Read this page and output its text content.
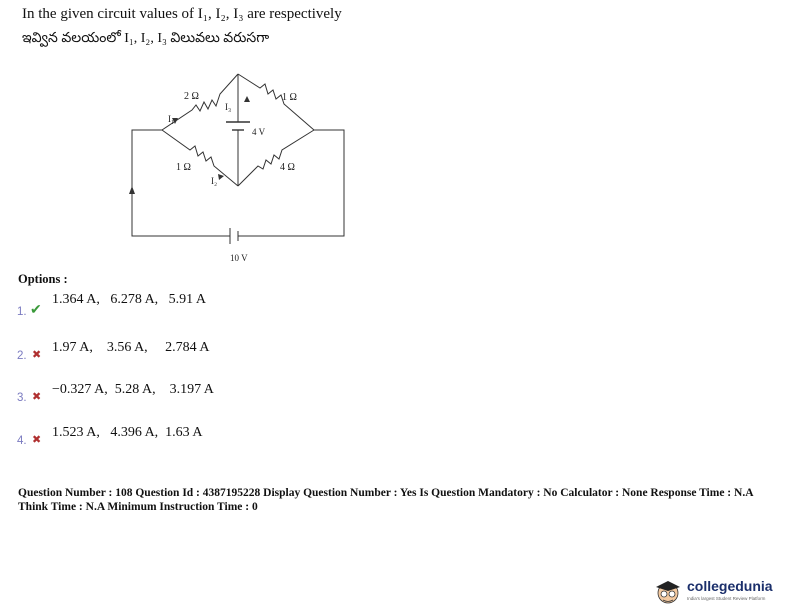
In the given circuit values of I₁, I₂, I₃ are respectively
ఇవ్విన వలయంలో I₁, I₂, I₃ విలువలు వరుసగా
2 Ω	1 Ω
1 Ω	4 Ω
4 V
10 V
I₁
I₃
I₂
Options :
1.364 A,   6.278 A,   5.91 A
1. ✔
1.97 A,    3.56 A,     2.784 A
2. ✖
−0.327 A,  5.28 A,    3.197 A
3. ✖
1.523 A,   4.396 A,  1.63 A
4. ✖
Question Number : 108 Question Id : 4387195228 Display Question Number : Yes Is Question Mandatory : No Calculator : None Response Time : N.A Think Time : N.A Minimum Instruction Time : 0
collegedunia
India's largest Student Review Platform
